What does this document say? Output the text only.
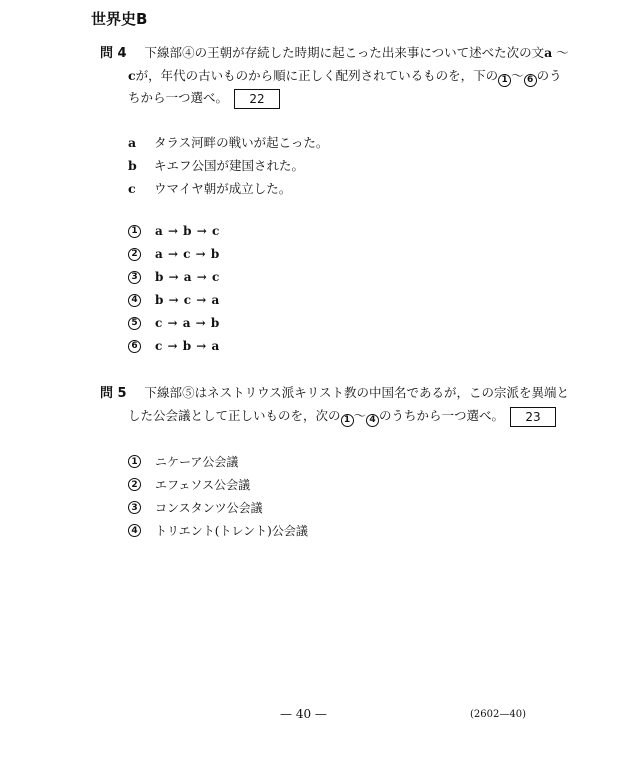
世界史B
問 4 下線部④の王朝が存続した時期に起こった出来事について述べた次の文a ～
cが，年代の古いものから順に正しく配列されているものを，下の 1 ～ 6 のう
ちから一つ選べ。 22
a タラス河畔の戦いが起こった。
b キエフ公国が建国された。
c ウマイヤ朝が成立した。
1 a → b → c
2 a → c → b
3 b → a → c
4 b → c → a
5 c → a → b
6 c → b → a
問 5 下線部⑤はネストリウス派キリスト教の中国名であるが，この宗派を異端と
した公会議として正しいものを，次の 1 ～ 4 のうちから一つ選べ。 23
1 ニケーア公会議
2 エフェソス公会議
3 コンスタンツ公会議
4 トリエント(トレント)公会議
— 40 —	(2602—40)
